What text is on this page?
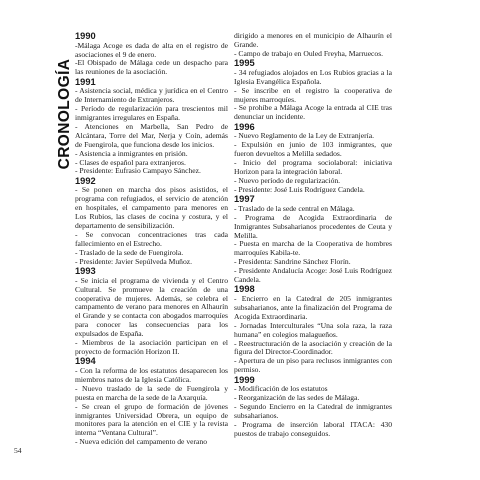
CRONOLOGÍA
1990
-Málaga Acoge es dada de alta en el registro de asociaciones el 9 de enero.
-El Obispado de Málaga cede un despacho para las reuniones de la asociación.
1991
- Asistencia social, médica y jurídica en el Centro de Internamiento de Extranjeros.
- Período de regularización para trescientos mil inmigrantes irregulares en España.
- Atenciones en Marbella, San Pedro de Alcántara, Torre del Mar, Nerja y Coín, además de Fuengirola, que funciona desde los inicios.
- Asistencia a inmigrantes en prisión.
- Clases de español para extranjeros.
- Presidente: Eufrasio Campayo Sánchez.
1992
- Se ponen en marcha dos pisos asistidos, el programa con refugiados, el servicio de atención en hospitales, el campamento para menores en Los Rubios, las clases de cocina y costura, y el departamento de sensibilización.
- Se convocan concentraciones tras cada fallecimiento en el Estrecho.
- Traslado de la sede de Fuengirola.
- Presidente: Javier Sepúlveda Muñoz.
1993
- Se inicia el programa de vivienda y el Centro Cultural. Se promueve la creación de una cooperativa de mujeres. Además, se celebra el campamento de verano para menores en Alhaurín el Grande y se contacta con abogados marroquíes para conocer las consecuencias para los expulsados de España.
- Miembros de la asociación participan en el proyecto de formación Horizon II.
1994
- Con la reforma de los estatutos desaparecen los miembros natos de la Iglesia Católica.
- Nuevo traslado de la sede de Fuengirola y puesta en marcha de la sede de la Axarquía.
- Se crean el grupo de formación de jóvenes inmigrantes Universidad Obrera, un equipo de monitores para la atención en el CIE y la revista interna “Ventana Cultural”.
- Nueva edición del campamento de verano
dirigido a menores en el municipio de Alhaurín el Grande.
- Campo de trabajo en Ouled Freyha, Marruecos.
1995
- 34 refugiados alojados en Los Rubios gracias a la Iglesia Evangélica Española.
- Se inscribe en el registro la cooperativa de mujeres marroquíes.
- Se prohíbe a Málaga Acoge la entrada al CIE tras denunciar un incidente.
1996
- Nuevo Reglamento de la Ley de Extranjería.
- Expulsión en junio de 103 inmigrantes, que fueron devueltos a Melilla sedados.
- Inicio del programa sociolaboral: iniciativa Horizon para la integración laboral.
- Nuevo período de regularización.
- Presidente: José Luis Rodríguez Candela.
1997
- Traslado de la sede central en Málaga.
- Programa de Acogida Extraordinaria de Inmigrantes Subsaharianos procedentes de Ceuta y Melilla.
- Puesta en marcha de la Cooperativa de hombres marroquíes Kabila-te.
- Presidenta: Sandrine Sánchez Florín.
- Presidente Andalucía Acoge: José Luis Rodríguez Candela.
1998
- Encierro en la Catedral de 205 inmigrantes subsaharianos, ante la finalización del Programa de Acogida Extraordinaria.
- Jornadas Interculturales “Una sola raza, la raza humana” en colegios malagueños.
- Reestructuración de la asociación y creación de la figura del Director-Coordinador.
- Apertura de un piso para reclusos inmigrantes con permiso.
1999
- Modificación de los estatutos
- Reorganización de las sedes de Málaga.
- Segundo Encierro en la Catedral de inmigrantes subsaharianos.
- Programa de inserción laboral ITACA: 430 puestos de trabajo conseguidos.
54
